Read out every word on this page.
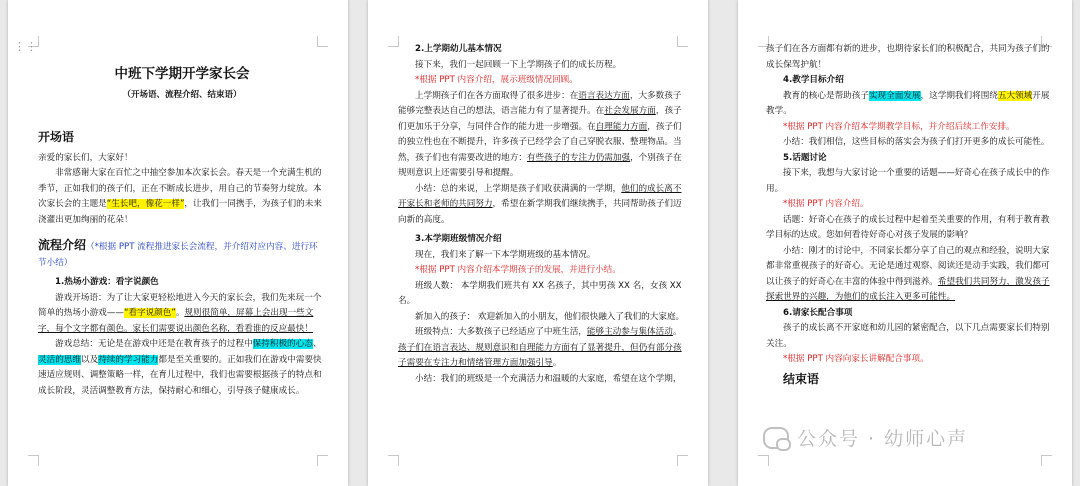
中班下学期开学家长会

（开场语、流程介绍、结束语）

开场语

亲爱的家长们，大家好！

非常感谢大家在百忙之中抽空参加本次家长会。春天是一个充满生机的季节，正如我们的孩子们，正在不断成长进步，用自己的节奏努力绽放。本次家长会的主题是“生长吧，像花一样”，让我们一同携手，为孩子们的未来浇灌出更加绚丽的花朵！

流程介绍（*根据 PPT 流程推进家长会流程，并介绍对应内容、进行环节小结）

1.热场小游戏：看字说颜色

游戏开场语：为了让大家更轻松地进入今天的家长会，我们先来玩一个简单的热场小游戏——“看字说颜色”。规则很简单，屏幕上会出现一些文字，每个文字都有颜色。家长们需要说出颜色名称，看看谁的反应最快！

游戏总结：无论是在游戏中还是在教育孩子的过程中保持积极的心态、灵活的思维以及持续的学习能力都是至关重要的。正如我们在游戏中需要快速适应规则、调整策略一样，在育儿过程中，我们也需要根据孩子的特点和成长阶段，灵活调整教育方法，保持耐心和细心，引导孩子健康成长。

⋮⋮	2.上学期幼儿基本情况

接下来，我们一起回顾一下上学期孩子们的成长历程。

*根据 PPT 内容介绍，展示班级情况回顾。

上学期孩子们在各方面取得了很多进步：在语言表达方面，大多数孩子能够完整表达自己的想法，语言能力有了显著提升。在社会发展方面，孩子们更加乐于分享，与同伴合作的能力进一步增强。在自理能力方面，孩子们的独立性也在不断提升，许多孩子已经学会了自己穿脱衣服、整理物品。当然，孩子们也有需要改进的地方：有些孩子的专注力仍需加强，个别孩子在规则意识上还需要引导和提醒。

小结：总的来说，上学期是孩子们收获满满的一学期，他们的成长离不开家长和老师的共同努力，希望在新学期我们继续携手，共同帮助孩子们迈向新的高度。

3.本学期班级情况介绍

现在，我们来了解一下本学期班级的基本情况。

*根据 PPT 内容介绍本学期孩子的发展，并进行小结。

班级人数： 本学期我们班共有 XX 名孩子，其中男孩 XX 名，女孩 XX 名。

新加入的孩子： 欢迎新加入的小朋友，他们很快融入了我们的大家庭。

班级特点：大多数孩子已经适应了中班生活，能够主动参与集体活动。孩子们在语言表达、规则意识和自理能力方面有了显著提升，但仍有部分孩子需要在专注力和情绪管理方面加强引导。

小结：我们的班级是一个充满活力和温暖的大家庭，希望在这个学期，

孩子们在各方面都有新的进步，也期待家长们的积极配合，共同为孩子们的成长保驾护航！

4.教学目标介绍

教育的核心是帮助孩子实现全面发展，这学期我们将围绕五大领域开展教学。

*根据 PPT 内容介绍本学期教学目标，并介绍后续工作安排。

小结：我们相信，这些目标的落实会为孩子们打开更多的成长可能性。

5.话题讨论

接下来，我想与大家讨论一个重要的话题——好奇心在孩子成长中的作用。

*根据 PPT 内容介绍。

话题：好奇心在孩子的成长过程中起着至关重要的作用，有利于教育教学目标的达成。您如何看待好奇心对孩子发展的影响？

小结：刚才的讨论中，不同家长都分享了自己的观点和经验，说明大家都非常重视孩子的好奇心。无论是通过观察、阅读还是动手实践，我们都可以让孩子的好奇心在丰富的体验中得到滋养。希望我们共同努力，激发孩子探索世界的兴趣，为他们的成长注入更多可能性。

6.请家长配合事项

孩子的成长离不开家庭和幼儿园的紧密配合，以下几点需要家长们特别关注。

*根据 PPT 内容向家长讲解配合事项。

结束语

公众号 · 幼师心声
